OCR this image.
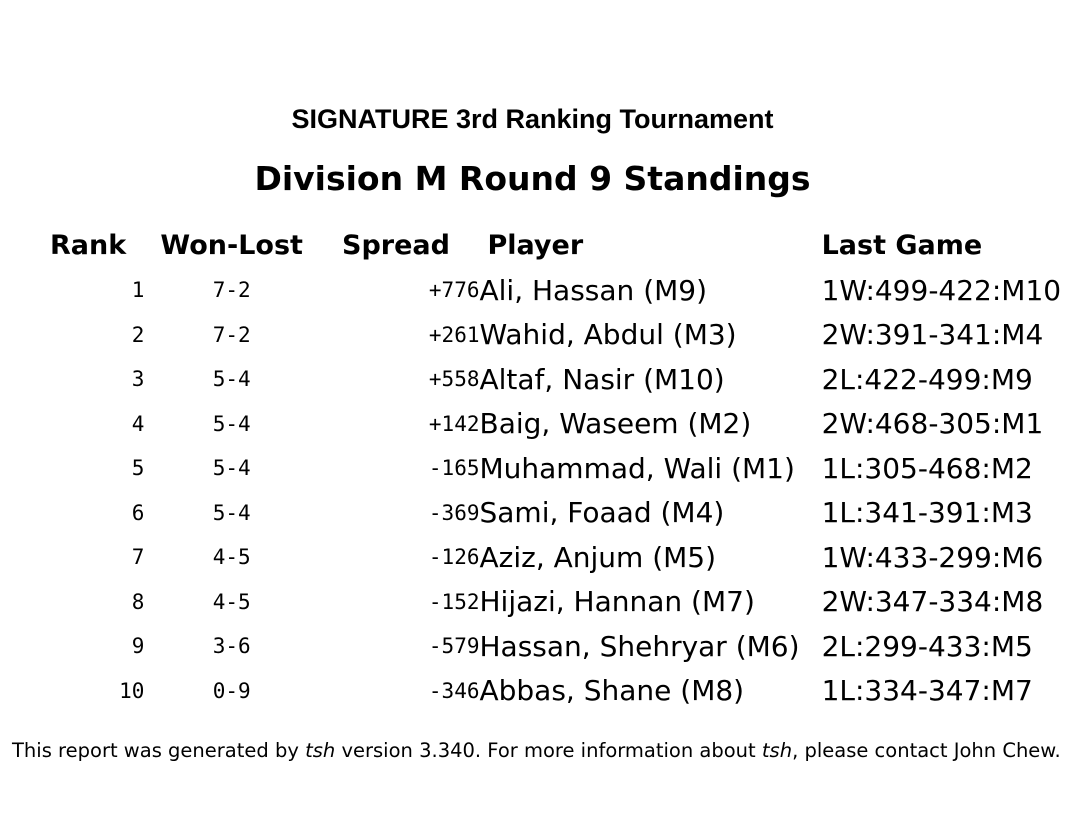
SIGNATURE 3rd Ranking Tournament
Division M Round 9 Standings
Rank	Won-Lost	Spread	Player	Last Game
1	7-2	+776	Ali, Hassan (M9)	1W:499-422:M10
2	7-2	+261	Wahid, Abdul (M3)	2W:391-341:M4
3	5-4	+558	Altaf, Nasir (M10)	2L:422-499:M9
4	5-4	+142	Baig, Waseem (M2)	2W:468-305:M1
5	5-4	-165	Muhammad, Wali (M1)	1L:305-468:M2
6	5-4	-369	Sami, Foaad (M4)	1L:341-391:M3
7	4-5	-126	Aziz, Anjum (M5)	1W:433-299:M6
8	4-5	-152	Hijazi, Hannan (M7)	2W:347-334:M8
9	3-6	-579	Hassan, Shehryar (M6)	2L:299-433:M5
10	0-9	-346	Abbas, Shane (M8)	1L:334-347:M7
This report was generated by tsh version 3.340. For more information about tsh, please contact John Chew.
